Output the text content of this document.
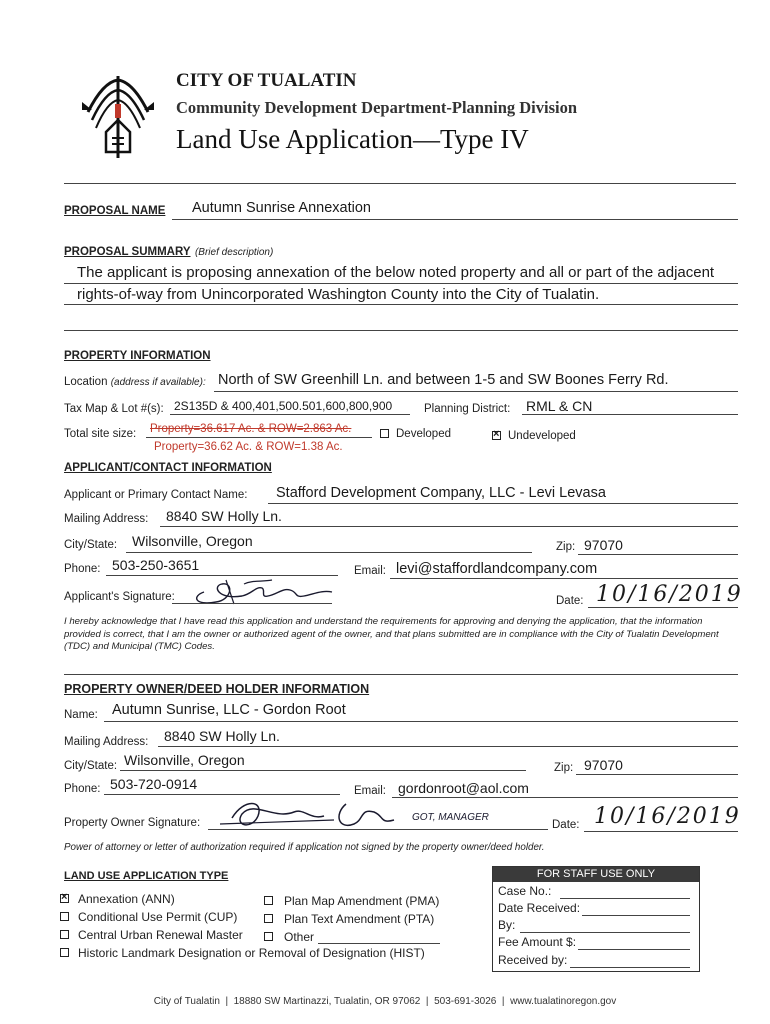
CITY OF TUALATIN
Community Development Department-Planning Division
Land Use Application—Type IV
PROPOSAL NAME Autumn Sunrise Annexation
PROPOSAL SUMMARY (Brief description)
The applicant is proposing annexation of the below noted property and all or part of the adjacent
rights-of-way from Unincorporated Washington County into the City of Tualatin.
PROPERTY INFORMATION
Location (address if available): North of SW Greenhill Ln. and between 1-5 and SW Boones Ferry Rd.
Tax Map & Lot #(s): 2S135D & 400,401,500.501,600,800,900	Planning District: RML & CN
Total site size: Property=36.617 Ac. & ROW=2.863 Ac.
Property=36.62 Ac. & ROW=1.38 Ac.
Developed
×	Undeveloped
APPLICANT/CONTACT INFORMATION
Applicant or Primary Contact Name: Stafford Development Company, LLC - Levi Levasa
Mailing Address: 8840 SW Holly Ln.
City/State: Wilsonville, Oregon	Zip: 97070
Phone: 503-250-3651	Email: levi@staffordlandcompany.com
Applicant's Signature:	Date: 10/16/2019
I hereby acknowledge that I have read this application and understand the requirements for approving and denying the application, that the information provided is correct, that I am the owner or authorized agent of the owner, and that plans submitted are in compliance with the City of Tualatin Development (TDC) and Municipal (TMC) Codes.
PROPERTY OWNER/DEED HOLDER INFORMATION
Name: Autumn Sunrise, LLC - Gordon Root
Mailing Address: 8840 SW Holly Ln.
City/State: Wilsonville, Oregon	Zip: 97070
Phone: 503-720-0914	Email: gordonroot@aol.com
Property Owner Signature:	GOT, MANAGER
Date: 10/16/2019
Power of attorney or letter of authorization required if application not signed by the property owner/deed holder.
LAND USE APPLICATION TYPE
×
Annexation (ANN)
Conditional Use Permit (CUP)
Central Urban Renewal Master
Historic Landmark Designation or Removal of Designation (HIST)
Plan Map Amendment (PMA)
Plan Text Amendment (PTA)
Other
FOR STAFF USE ONLY
Case No.:
Date Received:
By:
Fee Amount $:
Received by:
City of Tualatin  |  18880 SW Martinazzi, Tualatin, OR 97062  |  503-691-3026  |  www.tualatinoregon.gov
